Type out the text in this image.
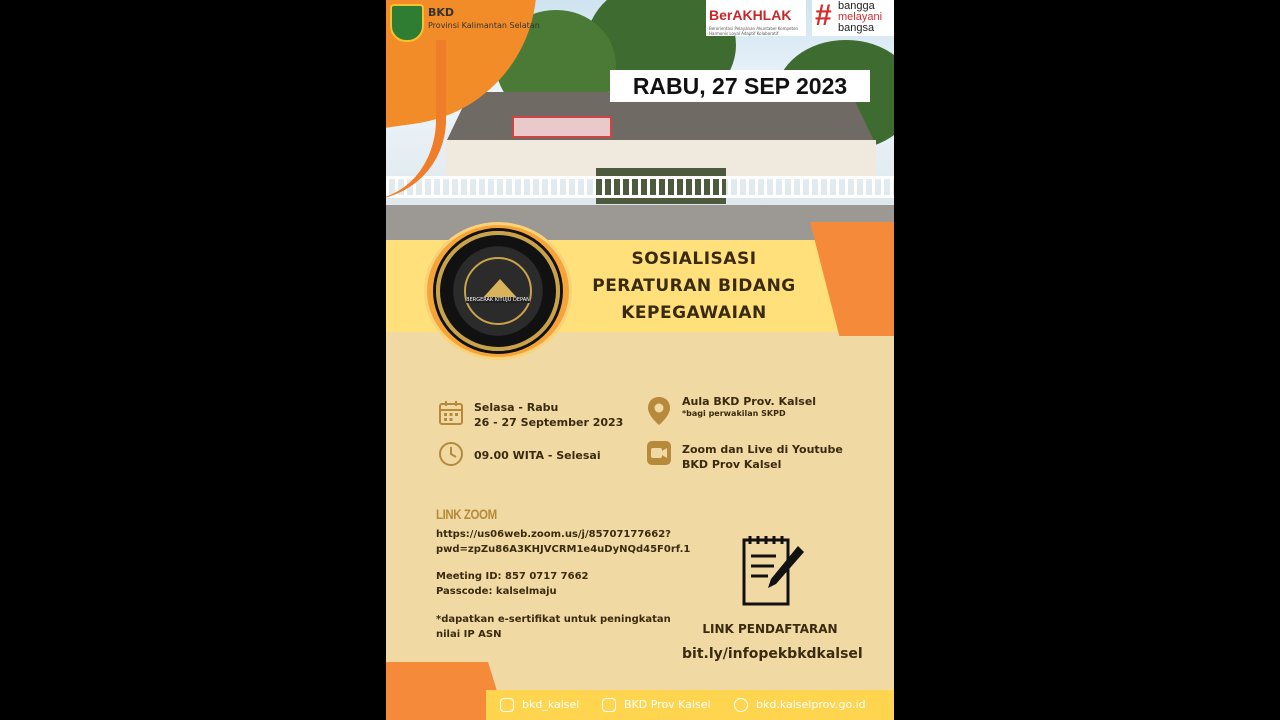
BKD
Provinsi Kalimantan Selatan
BerAKHLAK
Berorientasi Pelayanan Akuntabel Kompeten Harmonis Loyal Adaptif Kolaboratif
# bangga
melayani
bangsa
RABU, 27 SEP 2023
SOSIALISASI
PERATURAN BIDANG
KEPEGAWAIAN
BERGERAK KITUJU DEPAN
Selasa - Rabu
26 - 27 September 2023
09.00 WITA - Selesai
Aula BKD Prov. Kalsel
*bagi perwakilan SKPD
Zoom dan Live di Youtube
BKD Prov Kalsel
LINK ZOOM
https://us06web.zoom.us/j/85707177662?
pwd=zpZu86A3KHJVCRM1e4uDyNQd45F0rf.1
Meeting ID: 857 0717 7662
Passcode: kalselmaju
*dapatkan e-sertifikat untuk peningkatan
nilai IP ASN	LINK PENDAFTARAN
bit.ly/infopekbkdkalsel
bkd_kalsel	BKD Prov Kalsel	bkd.kalselprov.go.id
